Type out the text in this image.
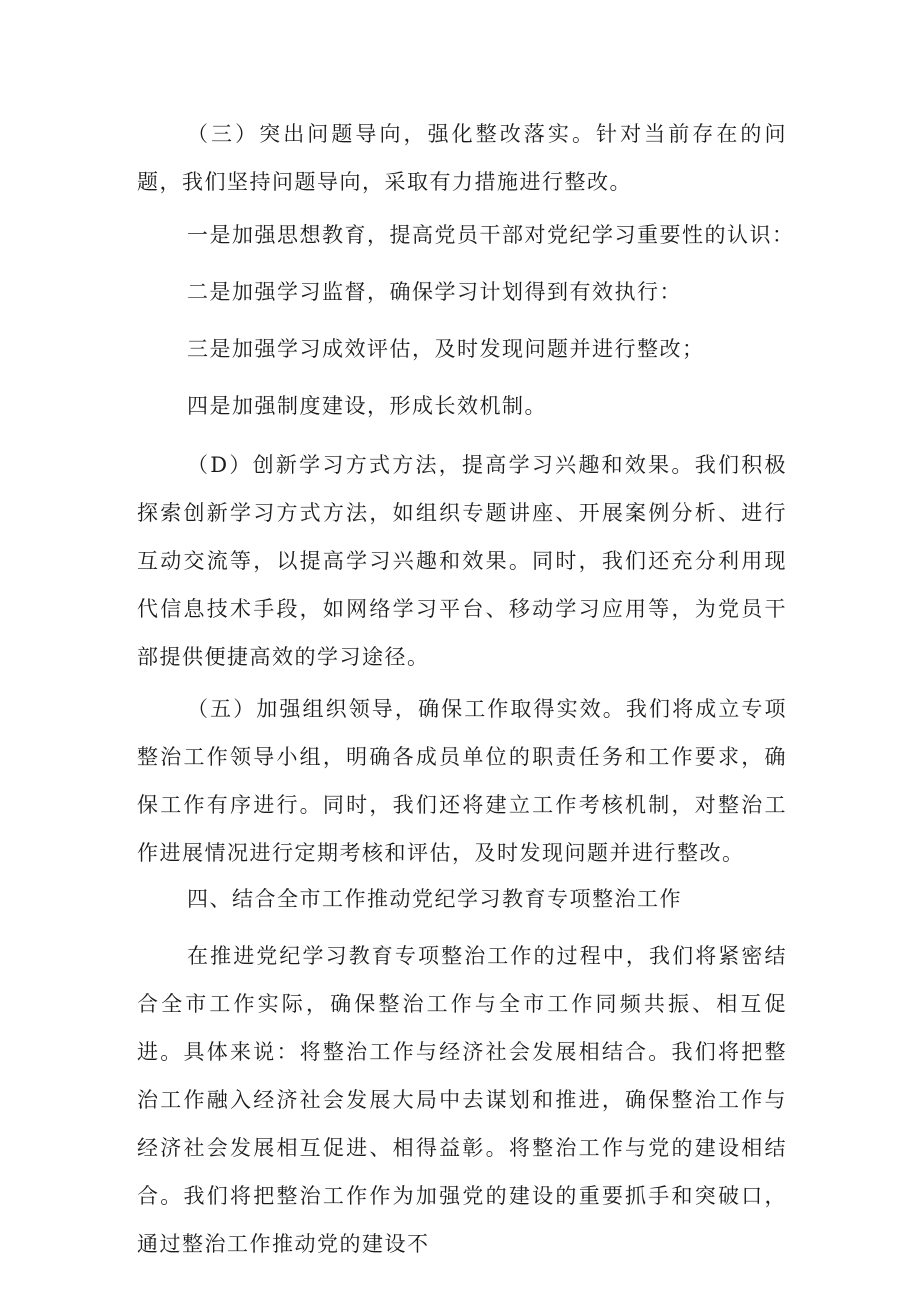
（三）突出问题导向，强化整改落实。针对当前存在的问题，我们坚持问题导向，采取有力措施进行整改。

一是加强思想教育，提高党员干部对党纪学习重要性的认识：

二是加强学习监督，确保学习计划得到有效执行：

三是加强学习成效评估，及时发现问题并进行整改；

四是加强制度建设，形成长效机制。

（D）创新学习方式方法，提高学习兴趣和效果。我们积极探索创新学习方式方法，如组织专题讲座、开展案例分析、进行互动交流等，以提高学习兴趣和效果。同时，我们还充分利用现代信息技术手段，如网络学习平台、移动学习应用等，为党员干部提供便捷高效的学习途径。

（五）加强组织领导，确保工作取得实效。我们将成立专项整治工作领导小组，明确各成员单位的职责任务和工作要求，确保工作有序进行。同时，我们还将建立工作考核机制，对整治工作进展情况进行定期考核和评估，及时发现问题并进行整改。

四、结合全市工作推动党纪学习教育专项整治工作

在推进党纪学习教育专项整治工作的过程中，我们将紧密结合全市工作实际，确保整治工作与全市工作同频共振、相互促进。具体来说：将整治工作与经济社会发展相结合。我们将把整治工作融入经济社会发展大局中去谋划和推进，确保整治工作与经济社会发展相互促进、相得益彰。将整治工作与党的建设相结合。我们将把整治工作作为加强党的建设的重要抓手和突破口，通过整治工作推动党的建设不
